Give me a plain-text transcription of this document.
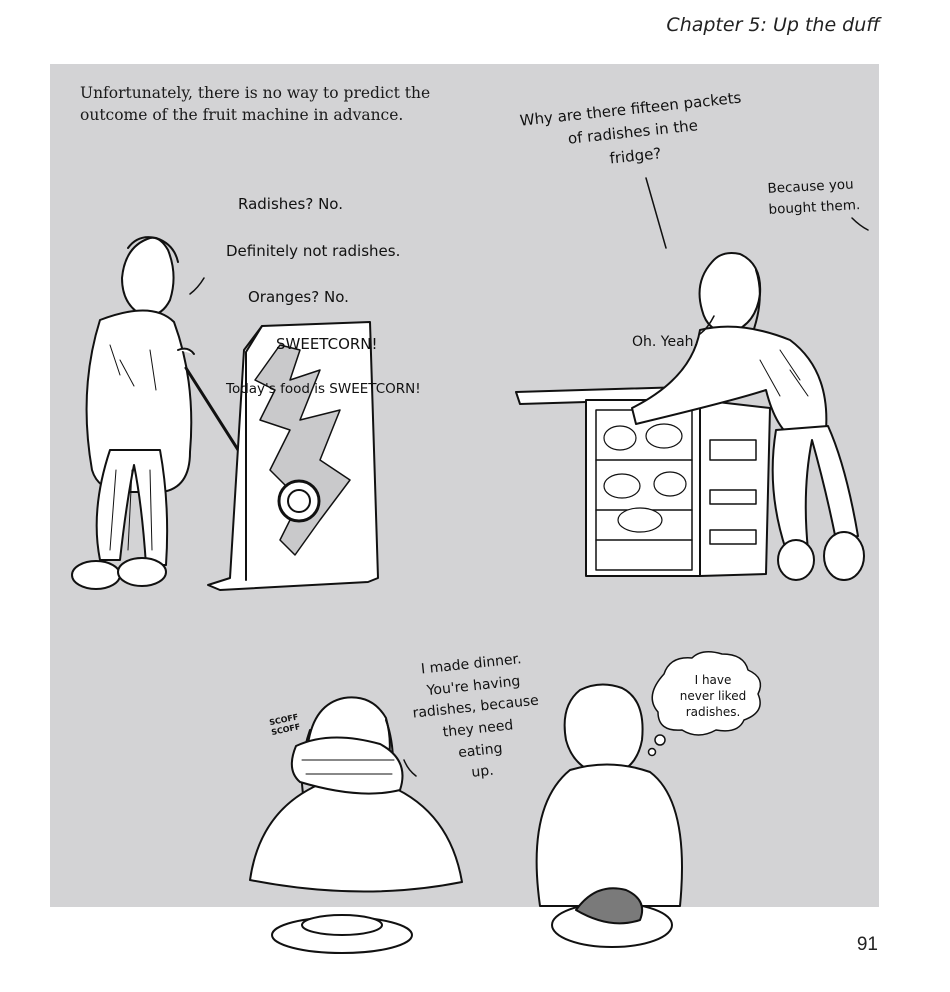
Chapter 5: Up the duff
Unfortunately, there is no way to predict the outcome of the fruit machine in advance.

Radishes? No.

Definitely not radishes.

Oranges? No.

SWEETCORN!

Today's food is SWEETCORN!

Why are there fifteen packets
of radishes in the
fridge?
Because you
bought them.
Oh. Yeah.
I made dinner.
You're having
radishes, because
they need
eating
up.
SCOFF
SCOFF
I have
never liked
radishes.
91
